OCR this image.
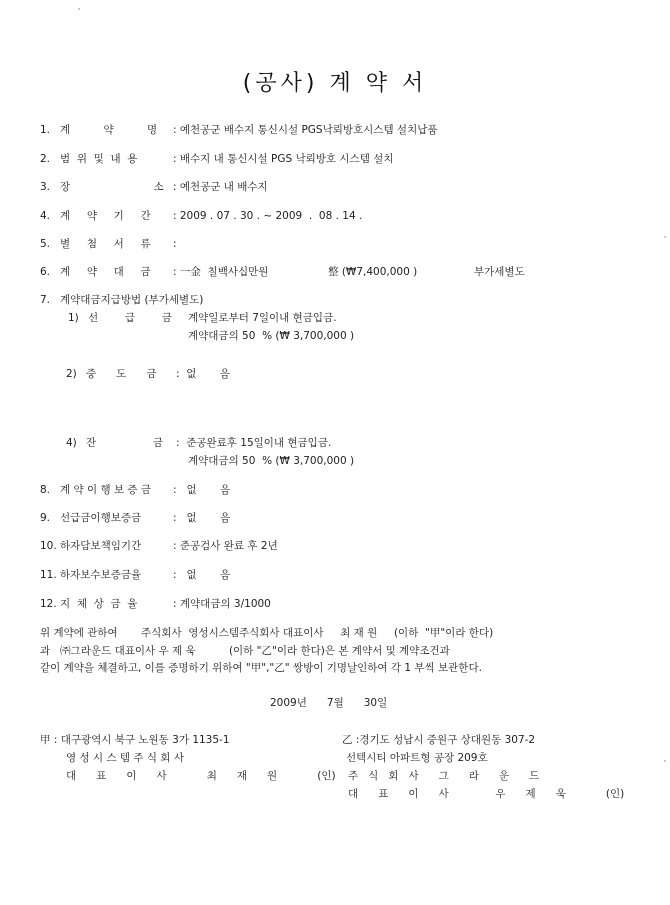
(공사) 계 약 서
1. 계          약          명 : 예천공군 배수지 통신시설 PGS낙뢰방호시스템 설치납품
2. 범  위  및  내  용	: 배수지 내 통신시설 PGS 낙뢰방호 시스템 설치
3. 장                         소 : 예천공군 내 배수지
4. 계     약     기     간 : 2009 . 07 . 30 . ~ 2009  .  08 . 14 .
5. 별     첨     서     류 :
6. 계     약     대     금 : 一金  칠백사십만원	整 (₩7,400,000 )	부가세별도
7. 계약대금지급방법 (부가세별도)
1) 선        급        금 계약일로부터 7일이내 현금입금.
계약대금의 50  % (₩ 3,700,000 )
2) 중      도      금 :  없       음
4) 잔                 금 :  준공완료후 15일이내 현금입금.
계약대금의 50  % (₩ 3,700,000 )
8. 계 약 이 행 보 증 금 :   없       음
9. 선급금이행보증금	:   없       음
10. 하자담보책임기간	: 준공검사 완료 후 2년
11. 하자보수보증금율	:   없       음
12. 지  체  상  금  율	: 계약대금의 3/1000
위 계약에 관하여       주식회사  영성시스템주식회사 대표이사     최 재 원     (이하  "甲"이라 한다)
과   ㈜그라운드 대표이사 우 제 욱          (이하 "乙"이라 한다)은 본 계약서 및 계약조건과
같이 계약을 체결하고, 이를 증명하기 위하여 "甲","乙" 쌍방이 기명날인하여 각 1 부씩 보관한다.
2009년      7월      30일
甲 : 대구광역시 북구 노원동 3가 1135-1
영 성 시 스 템 주 식 회 사
대      표      이      사            최      재      원            (인)
乙 :경기도 성남시 중원구 상대원동 307-2
선텍시티 아파트형 공장 209호
주   식   회   사      그      라      운      드
대      표      이      사              우      제      욱            (인)
